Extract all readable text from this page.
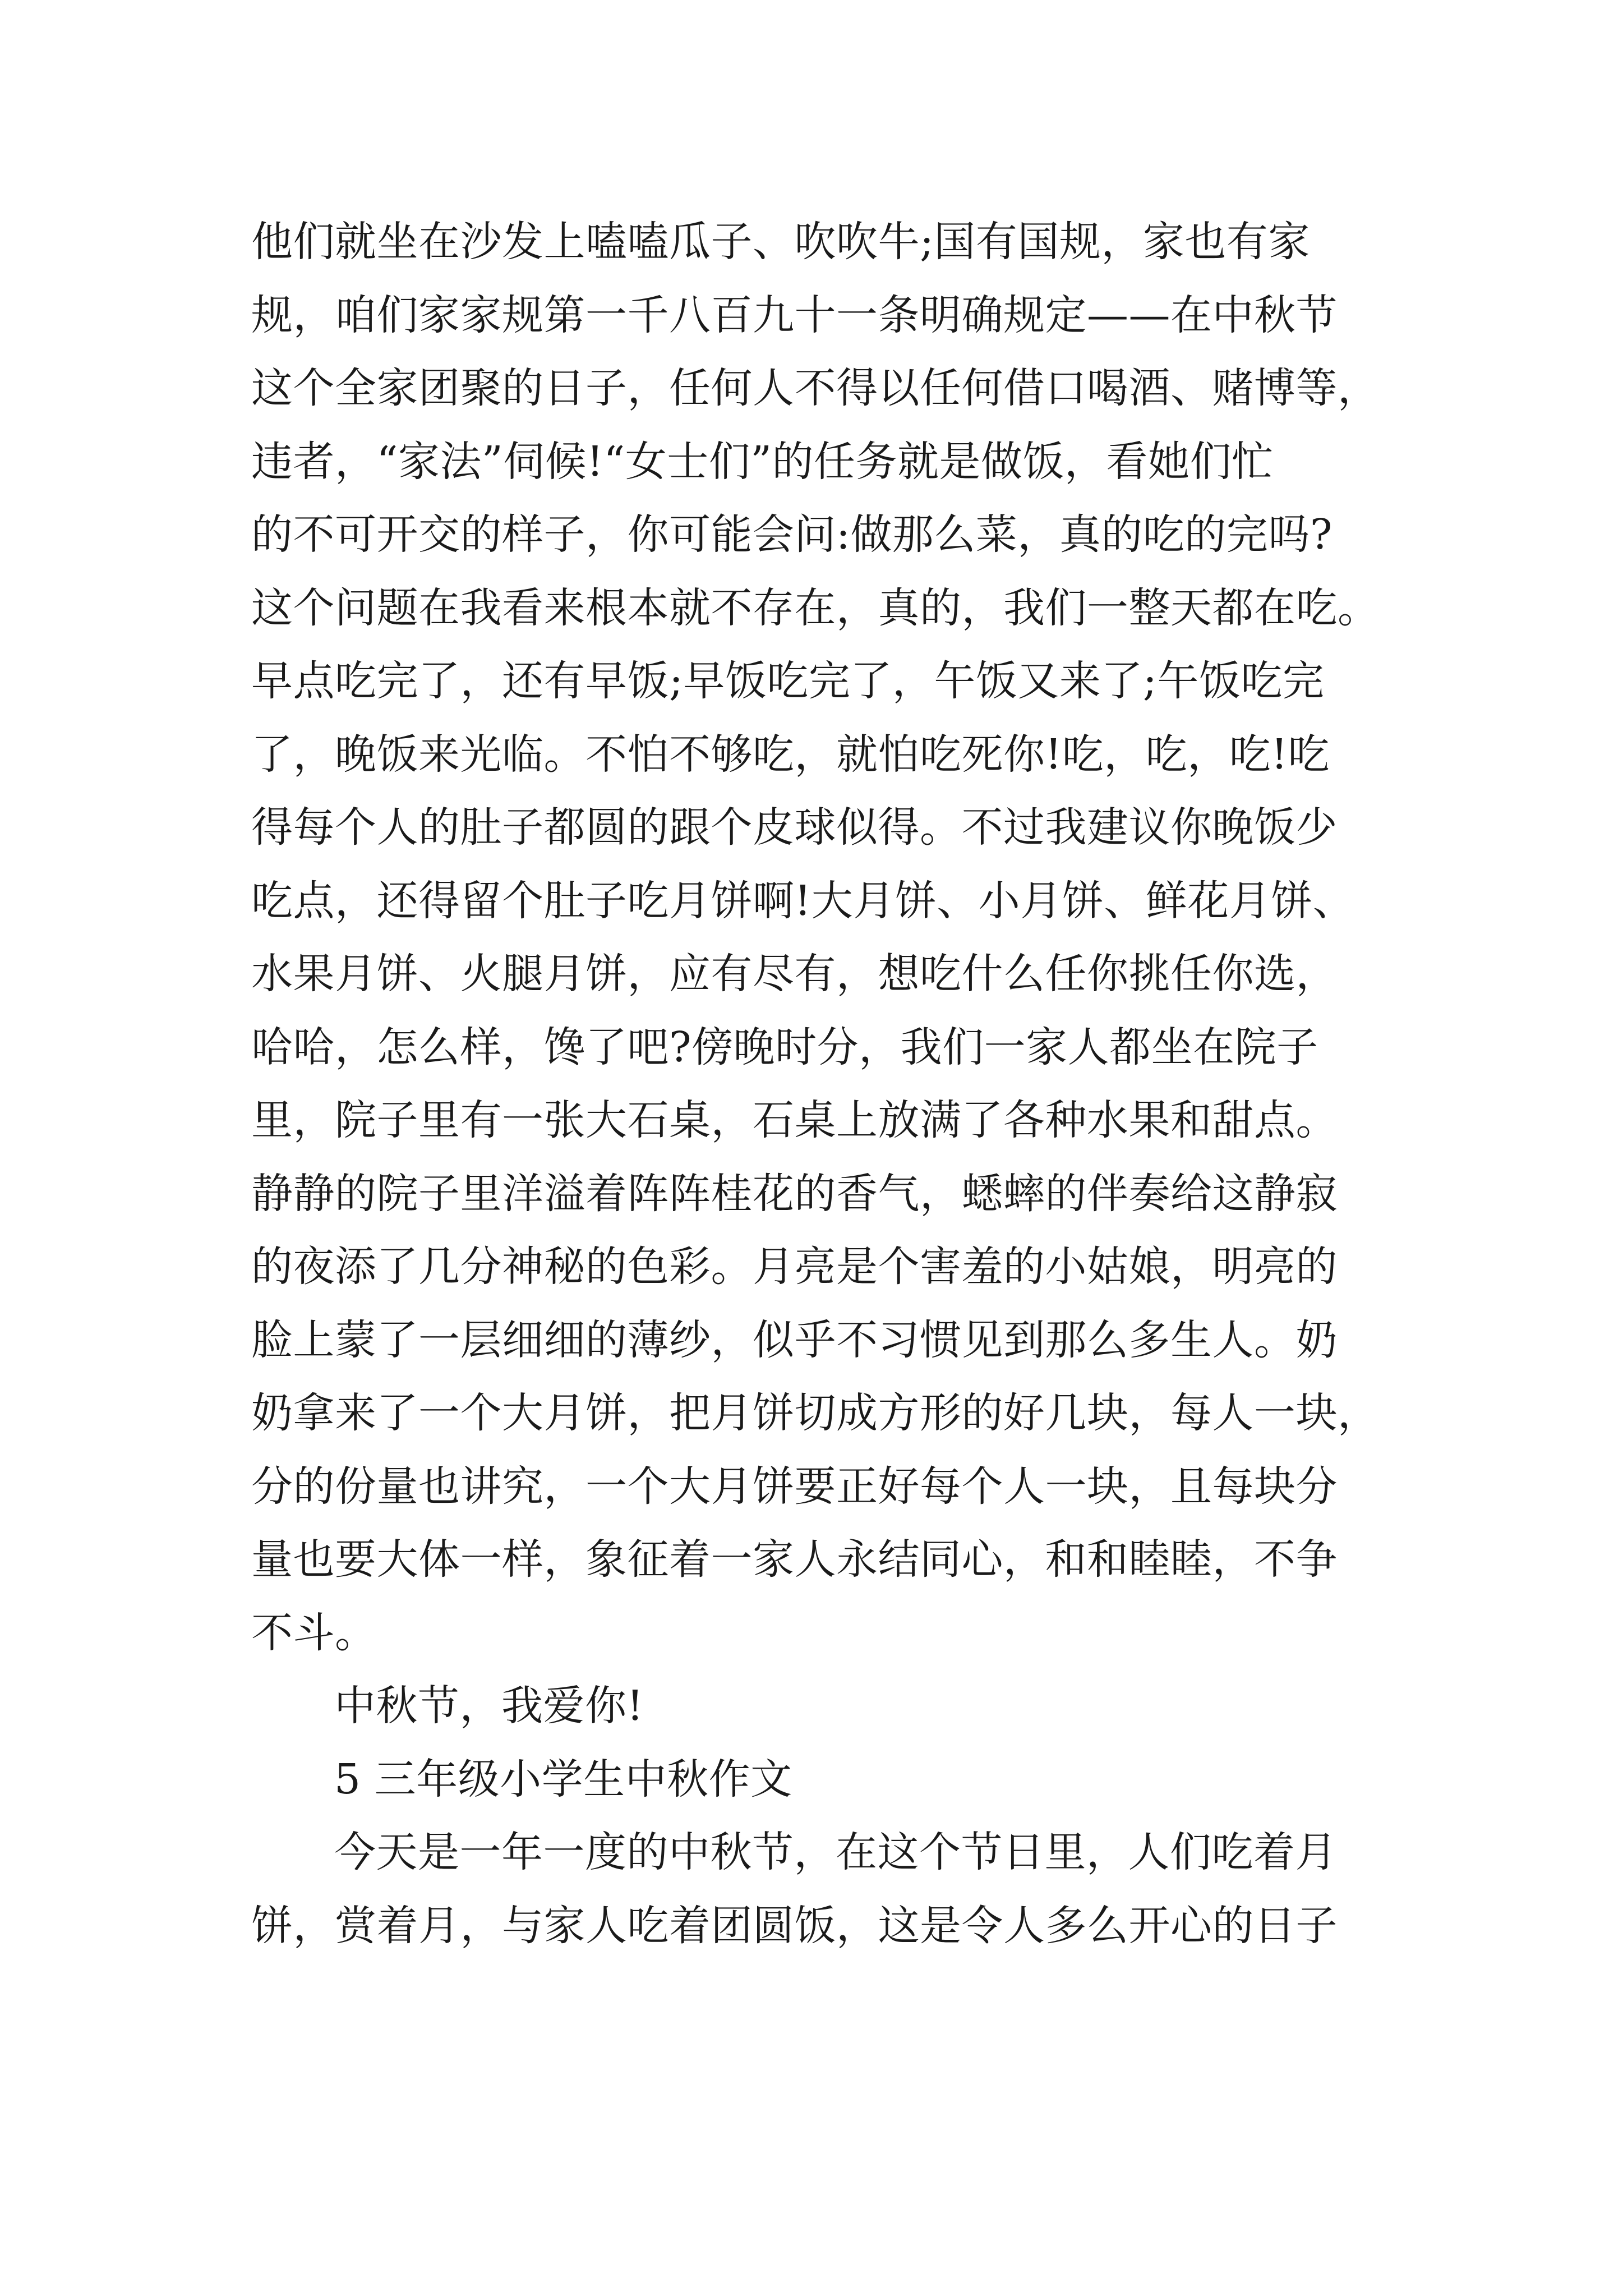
他们就坐在沙发上嗑嗑瓜子、吹吹牛;国有国规，家也有家
规，咱们家家规第一千八百九十一条明确规定——在中秋节
这个全家团聚的日子，任何人不得以任何借口喝酒、赌博等，
违者，“家法”伺候!“女士们”的任务就是做饭，看她们忙
的不可开交的样子，你可能会问:做那么菜，真的吃的完吗?
这个问题在我看来根本就不存在，真的，我们一整天都在吃。
早点吃完了，还有早饭;早饭吃完了，午饭又来了;午饭吃完
了，晚饭来光临。不怕不够吃，就怕吃死你!吃，吃，吃!吃
得每个人的肚子都圆的跟个皮球似得。不过我建议你晚饭少
吃点，还得留个肚子吃月饼啊!大月饼、小月饼、鲜花月饼、
水果月饼、火腿月饼，应有尽有，想吃什么任你挑任你选，
哈哈，怎么样，馋了吧?傍晚时分，我们一家人都坐在院子
里，院子里有一张大石桌，石桌上放满了各种水果和甜点。
静静的院子里洋溢着阵阵桂花的香气，蟋蟀的伴奏给这静寂
的夜添了几分神秘的色彩。月亮是个害羞的小姑娘，明亮的
脸上蒙了一层细细的薄纱，似乎不习惯见到那么多生人。奶
奶拿来了一个大月饼，把月饼切成方形的好几块，每人一块，
分的份量也讲究，一个大月饼要正好每个人一块，且每块分
量也要大体一样，象征着一家人永结同心，和和睦睦，不争
不斗。
中秋节，我爱你!
5 三年级小学生中秋作文
今天是一年一度的中秋节，在这个节日里，人们吃着月
饼，赏着月，与家人吃着团圆饭，这是令人多么开心的日子
